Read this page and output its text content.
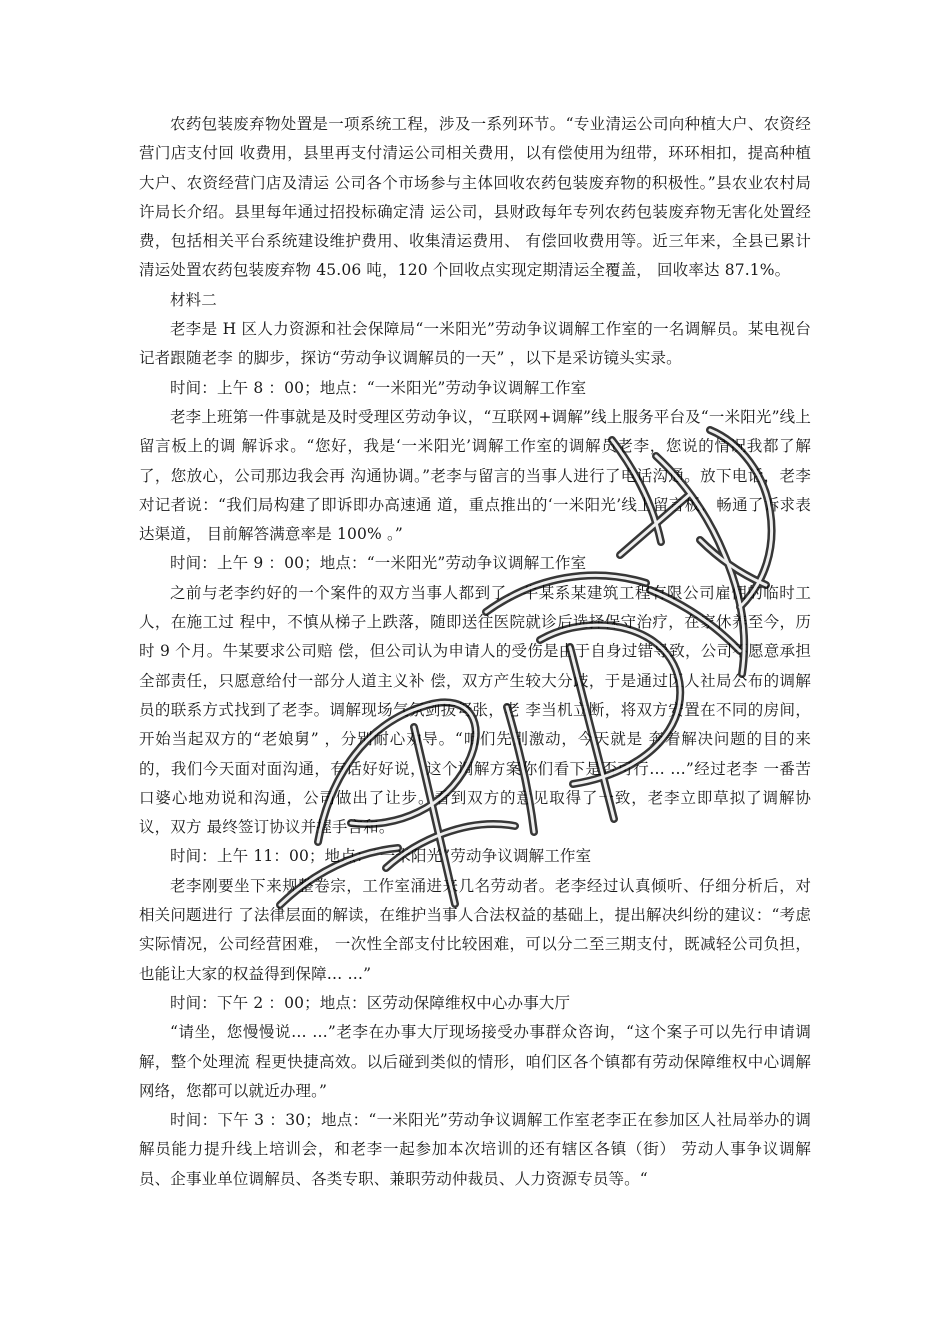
农药包装废弃物处置是一项系统工程，涉及一系列环节。“专业清运公司向种植大户、农资经营门店支付回 收费用，县里再支付清运公司相关费用，以有偿使用为纽带，环环相扣，提高种植大户、农资经营门店及清运 公司各个市场参与主体回收农药包装废弃物的积极性。”县农业农村局许局长介绍。县里每年通过招投标确定清 运公司，县财政每年专列农药包装废弃物无害化处置经费，包括相关平台系统建设维护费用、收集清运费用、 有偿回收费用等。近三年来，全县已累计清运处置农药包装废弃物 45.06 吨，120 个回收点实现定期清运全覆盖， 回收率达 87.1%。

材料二

老李是 H 区人力资源和社会保障局“一米阳光”劳动争议调解工作室的一名调解员。某电视台记者跟随老李 的脚步，探访“劳动争议调解员的一天” ，以下是采访镜头实录。

时间：上午 8 ：00；地点：“一米阳光”劳动争议调解工作室

老李上班第一件事就是及时受理区劳动争议，“互联网+调解”线上服务平台及“一米阳光”线上留言板上的调 解诉求。“您好，我是‘一米阳光’调解工作室的调解员老李，您说的情况我都了解了，您放心，公司那边我会再 沟通协调。”老李与留言的当事人进行了电话沟通。放下电话，老李对记者说：“我们局构建了即诉即办高速通 道，重点推出的‘一米阳光’线上留言板，畅通了诉求表达渠道， 目前解答满意率是 100% 。”

时间：上午 9 ：00；地点：“一米阳光”劳动争议调解工作室

之前与老李约好的一个案件的双方当事人都到了。牛某系某建筑工程有限公司雇佣的临时工人，在施工过 程中，不慎从梯子上跌落，随即送往医院就诊后选择保守治疗，在家休养至今，历时 9 个月。牛某要求公司赔 偿，但公司认为申请人的受伤是由于自身过错导致，公司不愿意承担全部责任，只愿意给付一部分人道主义补 偿，双方产生较大分歧，于是通过区人社局公布的调解员的联系方式找到了老李。调解现场气氛剑拔弩张，老 李当机立断，将双方安置在不同的房间，开始当起双方的“老娘舅” ，分别耐心劝导。“咱们先别激动，今天就是 奔着解决问题的目的来的，我们今天面对面沟通，有话好好说，这个调解方案你们看下是否可行… …”经过老李 一番苦口婆心地劝说和沟通，公司做出了让步。看到双方的意见取得了一致，老李立即草拟了调解协议，双方 最终签订协议并握手言和。

时间：上午 11：00；地点：“一米阳光”劳动争议调解工作室

老李刚要坐下来规整卷宗，工作室涌进来几名劳动者。老李经过认真倾听、仔细分析后，对相关问题进行 了法律层面的解读，在维护当事人合法权益的基础上，提出解决纠纷的建议：“考虑实际情况，公司经营困难， 一次性全部支付比较困难，可以分二至三期支付，既减轻公司负担，也能让大家的权益得到保障… …”

时间：下午 2 ：00；地点：区劳动保障维权中心办事大厅

“请坐，您慢慢说… …”老李在办事大厅现场接受办事群众咨询，“这个案子可以先行申请调解，整个处理流 程更快捷高效。以后碰到类似的情形，咱们区各个镇都有劳动保障维权中心调解网络，您都可以就近办理。”

时间：下午 3 ：30；地点：“一米阳光”劳动争议调解工作室老李正在参加区人社局举办的调解员能力提升线上培训会，和老李一起参加本次培训的还有辖区各镇（街） 劳动人事争议调解员、企事业单位调解员、各类专职、兼职劳动仲裁员、人力资源专员等。“
